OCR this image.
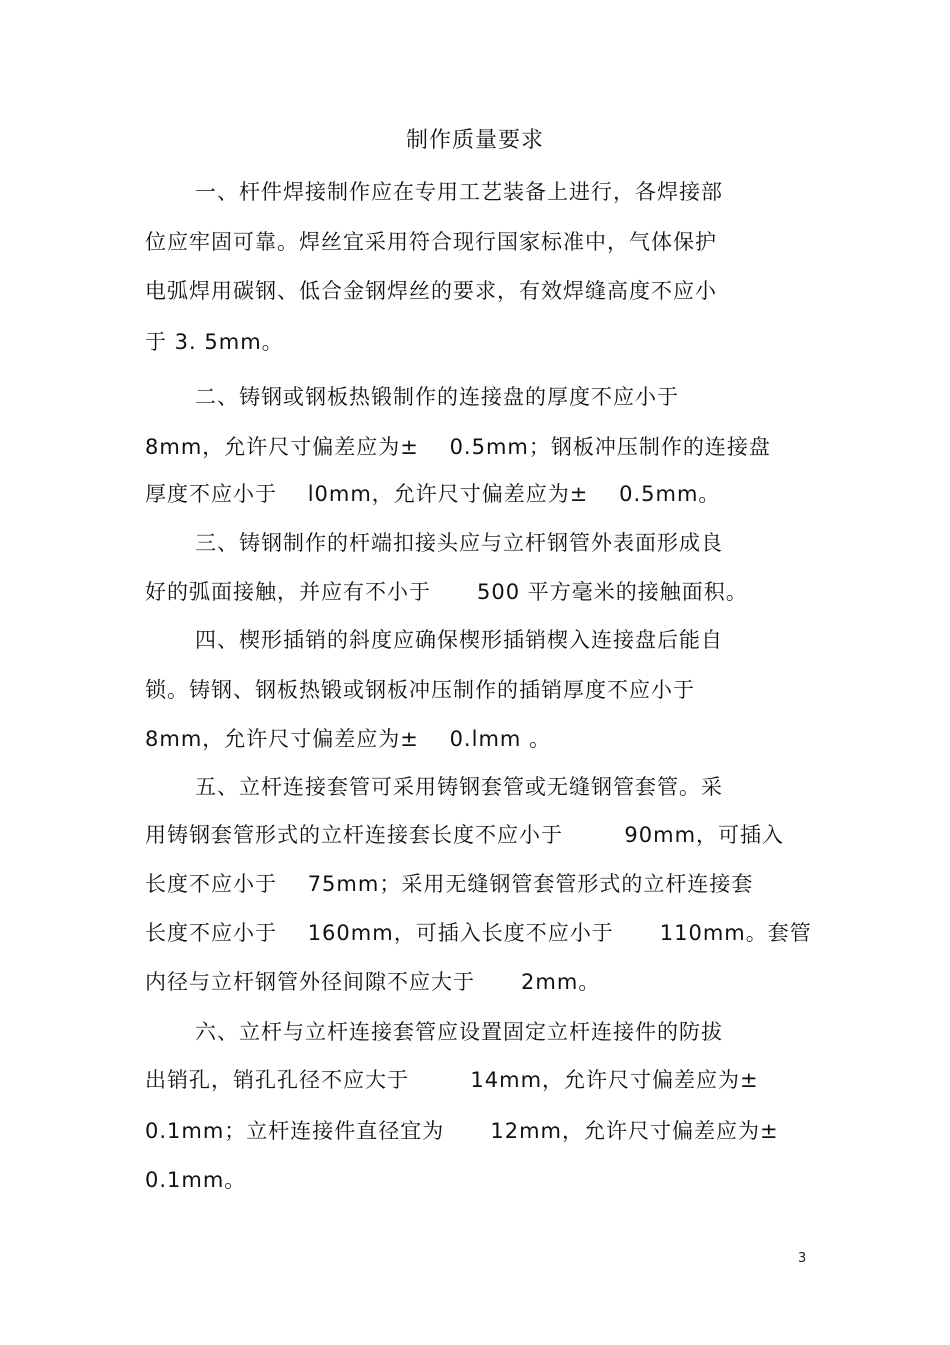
制作质量要求
一、杆件焊接制作应在专用工艺装备上进行，各焊接部
位应牢固可靠。焊丝宜采用符合现行国家标准中，气体保护
电弧焊用碳钢、低合金钢焊丝的要求，有效焊缝高度不应小
于 3. 5mm。
二、铸钢或钢板热锻制作的连接盘的厚度不应小于
8mm，允许尺寸偏差应为±    0.5mm；钢板冲压制作的连接盘
厚度不应小于    l0mm，允许尺寸偏差应为±    0.5mm。
三、铸钢制作的杆端扣接头应与立杆钢管外表面形成良
好的弧面接触，并应有不小于      500 平方毫米的接触面积。
四、楔形插销的斜度应确保楔形插销楔入连接盘后能自
锁。铸钢、钢板热锻或钢板冲压制作的插销厚度不应小于
8mm，允许尺寸偏差应为±    0.lmm 。
五、立杆连接套管可采用铸钢套管或无缝钢管套管。采
用铸钢套管形式的立杆连接套长度不应小于        90mm，可插入
长度不应小于    75mm；采用无缝钢管套管形式的立杆连接套
长度不应小于    160mm，可插入长度不应小于      110mm。套管
内径与立杆钢管外径间隙不应大于      2mm。
六、立杆与立杆连接套管应设置固定立杆连接件的防拔
出销孔，销孔孔径不应大于        14mm，允许尺寸偏差应为±
0.1mm；立杆连接件直径宜为      12mm，允许尺寸偏差应为±
0.1mm。
3
